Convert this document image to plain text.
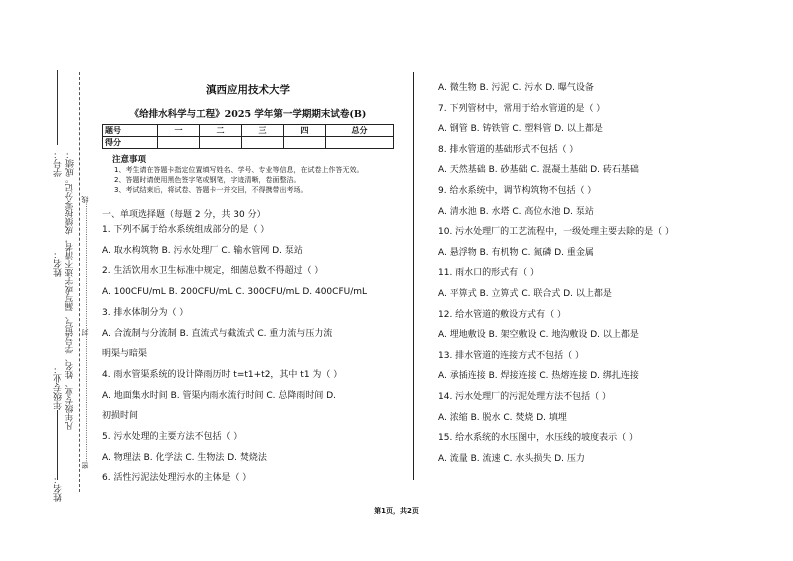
学号： 成绩：
姓名：
年级专业：
姓名：
凡年级专业、姓名、学号错写、漏写或字迹不清者，成绩按零分记。 密………………………………………………封………………………………………………线
滇西应用技术大学
《给排水科学与工程》2025 学年第一学期期末试卷(B)
题号	一	二	三	四	总分
得分					
注意事项
1、考生请在答题卡指定位置填写姓名、学号、专业等信息，在试卷上作答无效。
2、答题时请使用黑色签字笔或钢笔，字迹清晰，卷面整洁。
3、考试结束后，将试卷、答题卡一并交回，不得携带出考场。
一、单项选择题（每题 2 分，共 30 分）
1. 下列不属于给水系统组成部分的是（ ）
A. 取水构筑物 B. 污水处理厂 C. 输水管网 D. 泵站
2. 生活饮用水卫生标准中规定，细菌总数不得超过（ ）
A. 100CFU/mL B. 200CFU/mL C. 300CFU/mL D. 400CFU/mL
3. 排水体制分为（ ）
A. 合流制与分流制 B. 直流式与截流式 C. 重力流与压力流
明渠与暗渠
4. 雨水管渠系统的设计降雨历时 t=t1+t2，其中 t1 为（ ）
A. 地面集水时间 B. 管渠内雨水流行时间 C. 总降雨时间 D.
初损时间
5. 污水处理的主要方法不包括（ ）
A. 物理法 B. 化学法 C. 生物法 D. 焚烧法
6. 活性污泥法处理污水的主体是（ ）
A. 微生物 B. 污泥 C. 污水 D. 曝气设备
7. 下列管材中，常用于给水管道的是（ ）
A. 钢管 B. 铸铁管 C. 塑料管 D. 以上都是
8. 排水管道的基础形式不包括（ ）
A. 天然基础 B. 砂基础 C. 混凝土基础 D. 砖石基础
9. 给水系统中，调节构筑物不包括（ ）
A. 清水池 B. 水塔 C. 高位水池 D. 泵站
10. 污水处理厂的工艺流程中，一级处理主要去除的是（ ）
A. 悬浮物 B. 有机物 C. 氮磷 D. 重金属
11. 雨水口的形式有（ ）
A. 平箅式 B. 立箅式 C. 联合式 D. 以上都是
12. 给水管道的敷设方式有（ ）
A. 埋地敷设 B. 架空敷设 C. 地沟敷设 D. 以上都是
13. 排水管道的连接方式不包括（ ）
A. 承插连接 B. 焊接连接 C. 热熔连接 D. 绑扎连接
14. 污水处理厂的污泥处理方法不包括（ ）
A. 浓缩 B. 脱水 C. 焚烧 D. 填埋
15. 给水系统的水压图中，水压线的坡度表示（ ）
A. 流量 B. 流速 C. 水头损失 D. 压力
第1页，共2页
